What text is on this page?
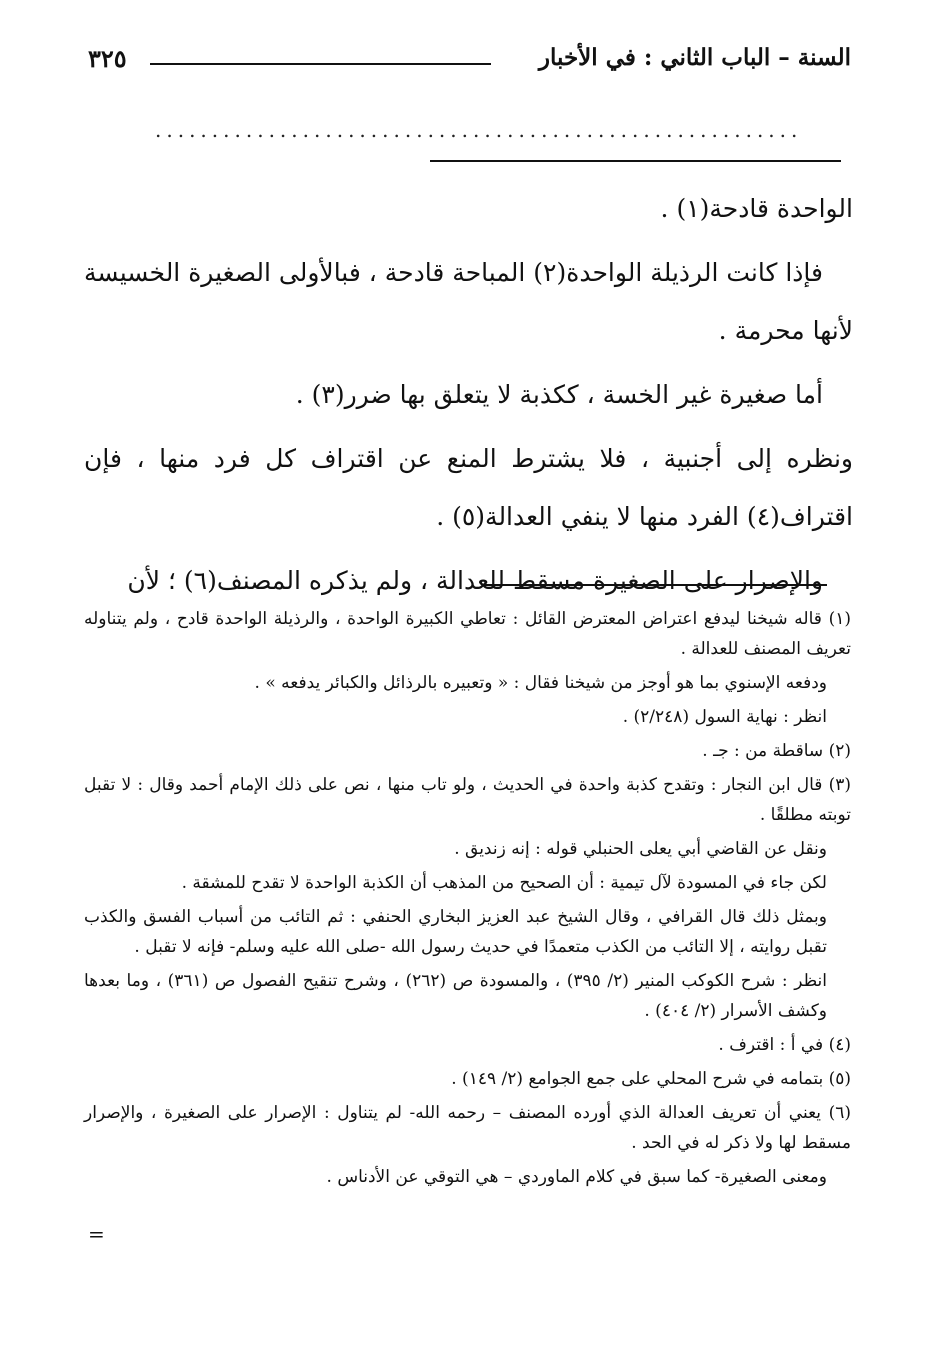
السنة – الباب الثاني : في الأخبار
٣٢٥
.........................................................

الواحدة قادحة(١) .

فإذا كانت الرذيلة الواحدة(٢) المباحة قادحة ، فبالأولى الصغيرة الخسيسة لأنها محرمة .

أما صغيرة غير الخسة ، ككذبة لا يتعلق بها ضرر(٣) .

ونظره إلى أجنبية ، فلا يشترط المنع عن اقتراف كل فرد منها ، فإن اقتراف(٤) الفرد منها لا ينفي العدالة(٥) .

والإصرار على الصغيرة مسقط للعدالة ، ولم يذكره المصنف(٦) ؛ لأن

(١) قاله شيخنا ليدفع اعتراض المعترض القائل : تعاطي الكبيرة الواحدة ، والرذيلة الواحدة قادح ، ولم يتناوله تعريف المصنف للعدالة .

ودفعه الإسنوي بما هو أوجز من شيخنا فقال : « وتعبيره بالرذائل والكبائر يدفعه » .

انظر : نهاية السول (٢/٢٤٨) .

(٢) ساقطة من : جـ .

(٣) قال ابن النجار : وتقدح كذبة واحدة في الحديث ، ولو تاب منها ، نص على ذلك الإمام أحمد وقال : لا تقبل توبته مطلقًا .

ونقل عن القاضي أبي يعلى الحنبلي قوله : إنه زنديق .

لكن جاء في المسودة لآل تيمية : أن الصحيح من المذهب أن الكذبة الواحدة لا تقدح للمشقة .

وبمثل ذلك قال القرافي ، وقال الشيخ عبد العزيز البخاري الحنفي : ثم التائب من أسباب الفسق والكذب تقبل روايته ، إلا التائب من الكذب متعمدًا في حديث رسول الله -صلى الله عليه وسلم- فإنه لا تقبل .

انظر : شرح الكوكب المنير (٢/ ٣٩٥) ، والمسودة ص (٢٦٢) ، وشرح تنقيح الفصول ص (٣٦١) ، وما بعدها وكشف الأسرار (٢/ ٤٠٤) .

(٤) في أ : اقترف .

(٥) بتمامه في شرح المحلي على جمع الجوامع (٢/ ١٤٩) .

(٦) يعني أن تعريف العدالة الذي أورده المصنف – رحمه الله- لم يتناول : الإصرار على الصغيرة ، والإصرار مسقط لها ولا ذكر له في الحد .

ومعنى الصغيرة- كما سبق في كلام الماوردي – هي التوقي عن الأدناس .

=
